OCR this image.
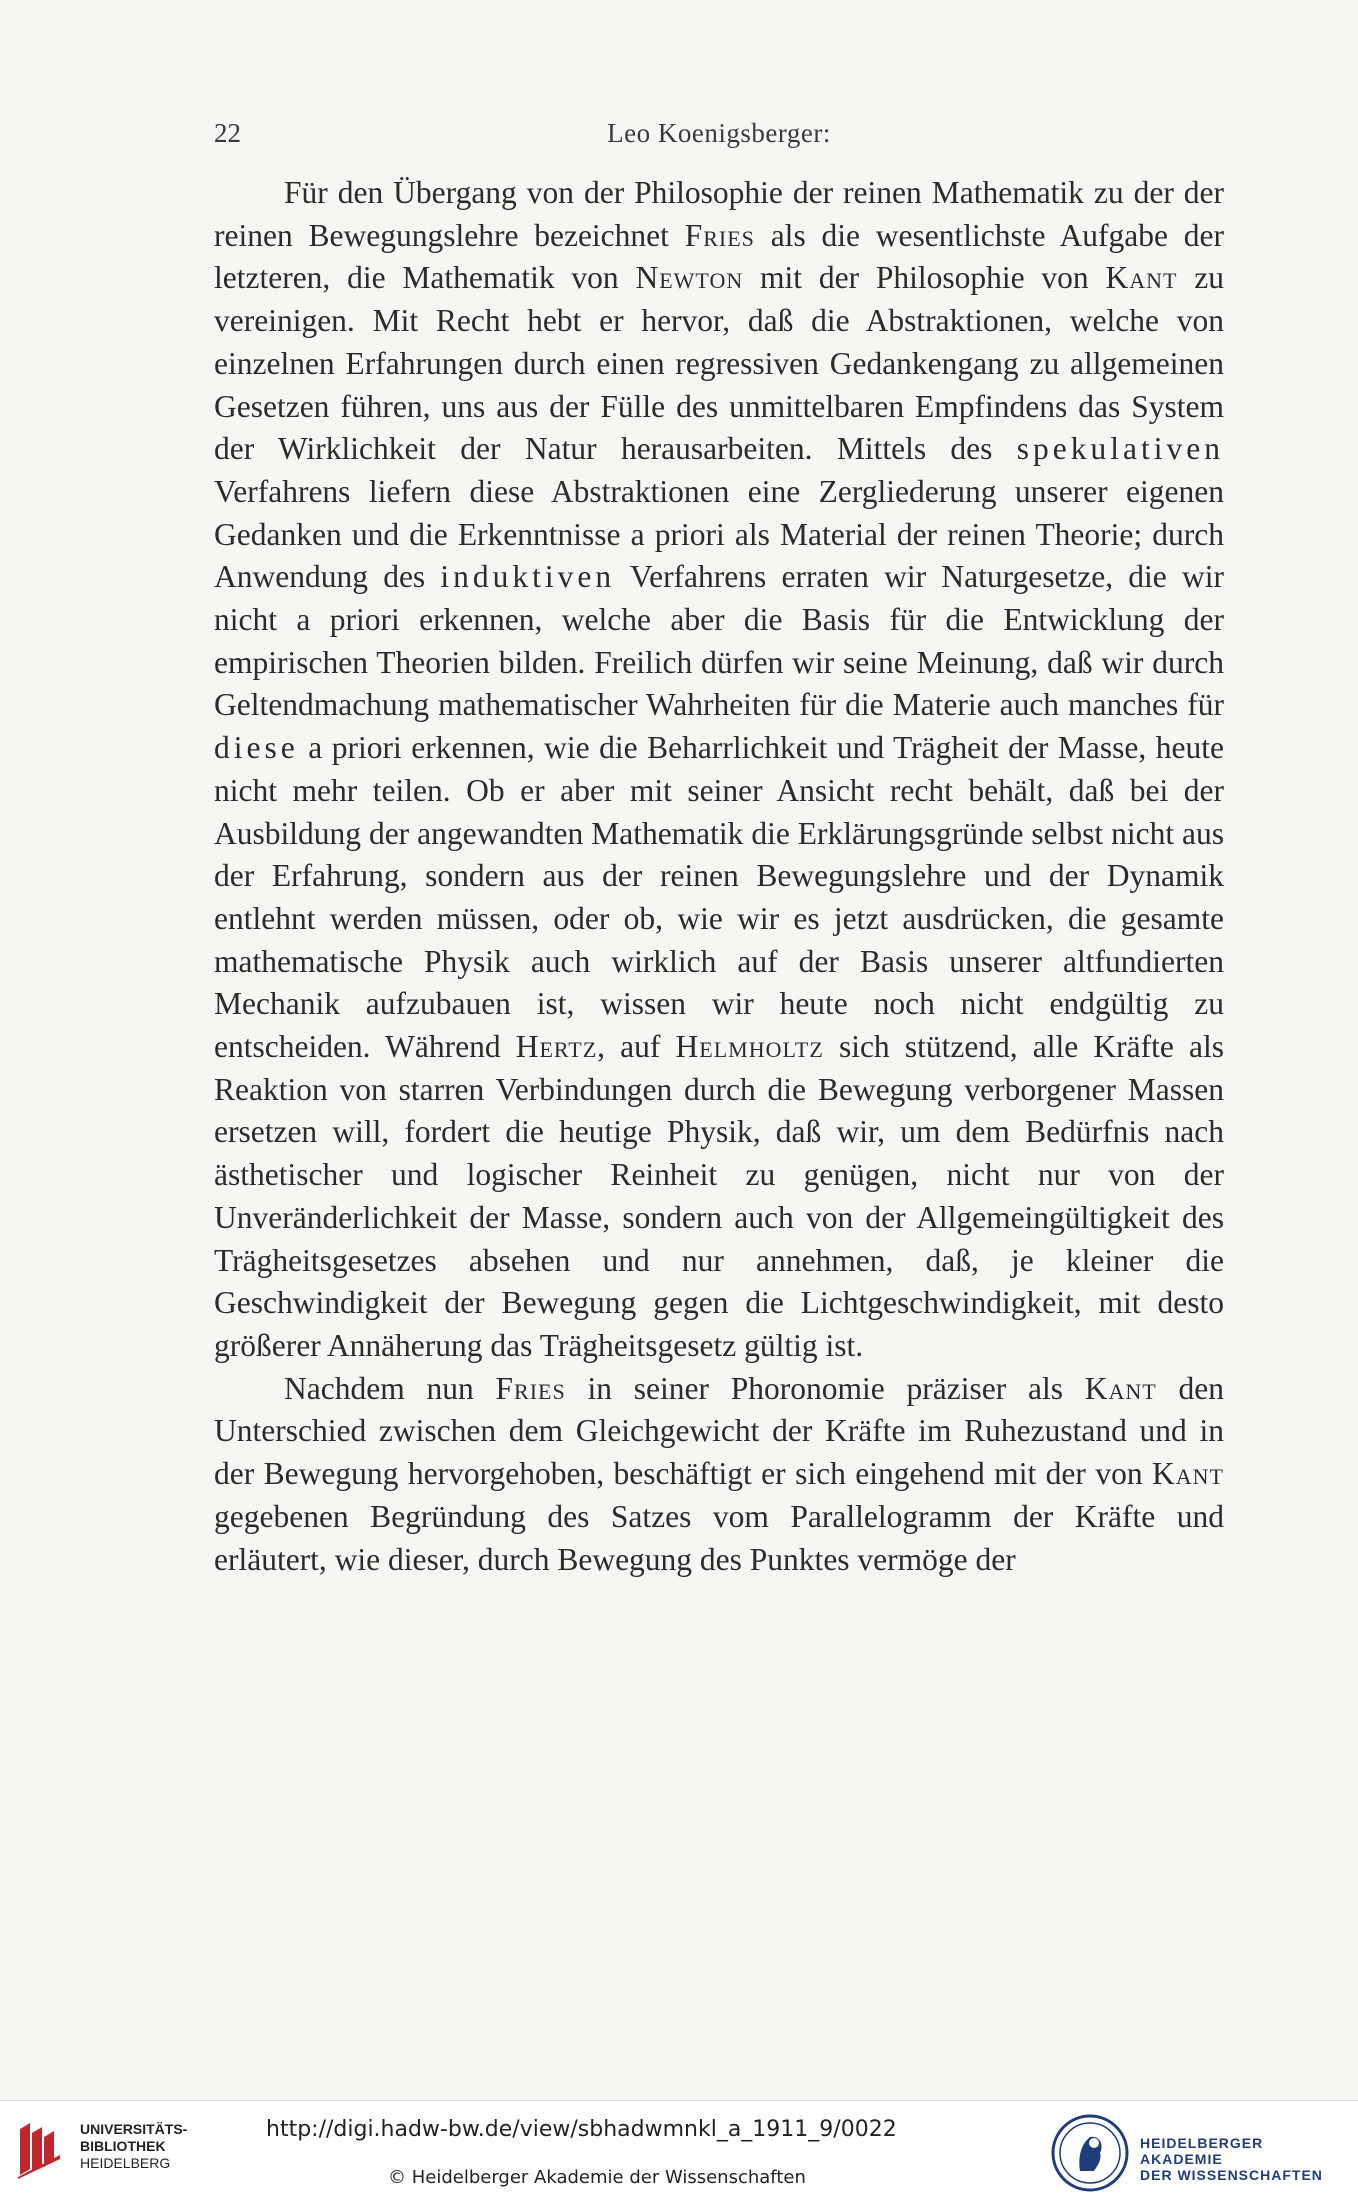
22	Leo Koenigsberger:

Für den Übergang von der Philosophie der reinen Mathematik zu der der reinen Bewegungslehre bezeichnet Fries als die wesentlichste Aufgabe der letzteren, die Mathematik von Newton mit der Philosophie von Kant zu vereinigen. Mit Recht hebt er hervor, daß die Abstraktionen, welche von einzelnen Erfahrungen durch einen regressiven Gedankengang zu allgemeinen Gesetzen führen, uns aus der Fülle des unmittelbaren Empfindens das System der Wirklichkeit der Natur herausarbeiten. Mittels des spekulativen Verfahrens liefern diese Abstraktionen eine Zergliederung unserer eigenen Gedanken und die Erkenntnisse a priori als Material der reinen Theorie; durch Anwendung des induktiven Verfahrens erraten wir Naturgesetze, die wir nicht a priori erkennen, welche aber die Basis für die Entwicklung der empirischen Theorien bilden. Freilich dürfen wir seine Meinung, daß wir durch Geltendmachung mathematischer Wahrheiten für die Materie auch manches für diese a priori erkennen, wie die Beharrlichkeit und Trägheit der Masse, heute nicht mehr teilen. Ob er aber mit seiner Ansicht recht behält, daß bei der Ausbildung der angewandten Mathematik die Erklärungsgründe selbst nicht aus der Erfahrung, sondern aus der reinen Bewegungslehre und der Dynamik entlehnt werden müssen, oder ob, wie wir es jetzt ausdrücken, die gesamte mathematische Physik auch wirklich auf der Basis unserer altfundierten Mechanik aufzubauen ist, wissen wir heute noch nicht endgültig zu entscheiden. Während Hertz, auf Helmholtz sich stützend, alle Kräfte als Reaktion von starren Verbindungen durch die Bewegung verborgener Massen ersetzen will, fordert die heutige Physik, daß wir, um dem Bedürfnis nach ästhetischer und logischer Reinheit zu genügen, nicht nur von der Unveränderlichkeit der Masse, sondern auch von der Allgemeingültigkeit des Trägheitsgesetzes absehen und nur annehmen, daß, je kleiner die Geschwindigkeit der Bewegung gegen die Lichtgeschwindigkeit, mit desto größerer Annäherung das Trägheitsgesetz gültig ist.

Nachdem nun Fries in seiner Phoronomie präziser als Kant den Unterschied zwischen dem Gleichgewicht der Kräfte im Ruhezustand und in der Bewegung hervorgehoben, beschäftigt er sich eingehend mit der von Kant gegebenen Begründung des Satzes vom Parallelogramm der Kräfte und erläutert, wie dieser, durch Bewegung des Punktes vermöge der

UNIVERSITÄTS-
BIBLIOTHEK
HEIDELBERG
http://digi.hadw-bw.de/view/sbhadwmnkl_a_1911_9/0022
© Heidelberger Akademie der Wissenschaften
HEIDELBERGER AKADEMIE
DER WISSENSCHAFTEN
